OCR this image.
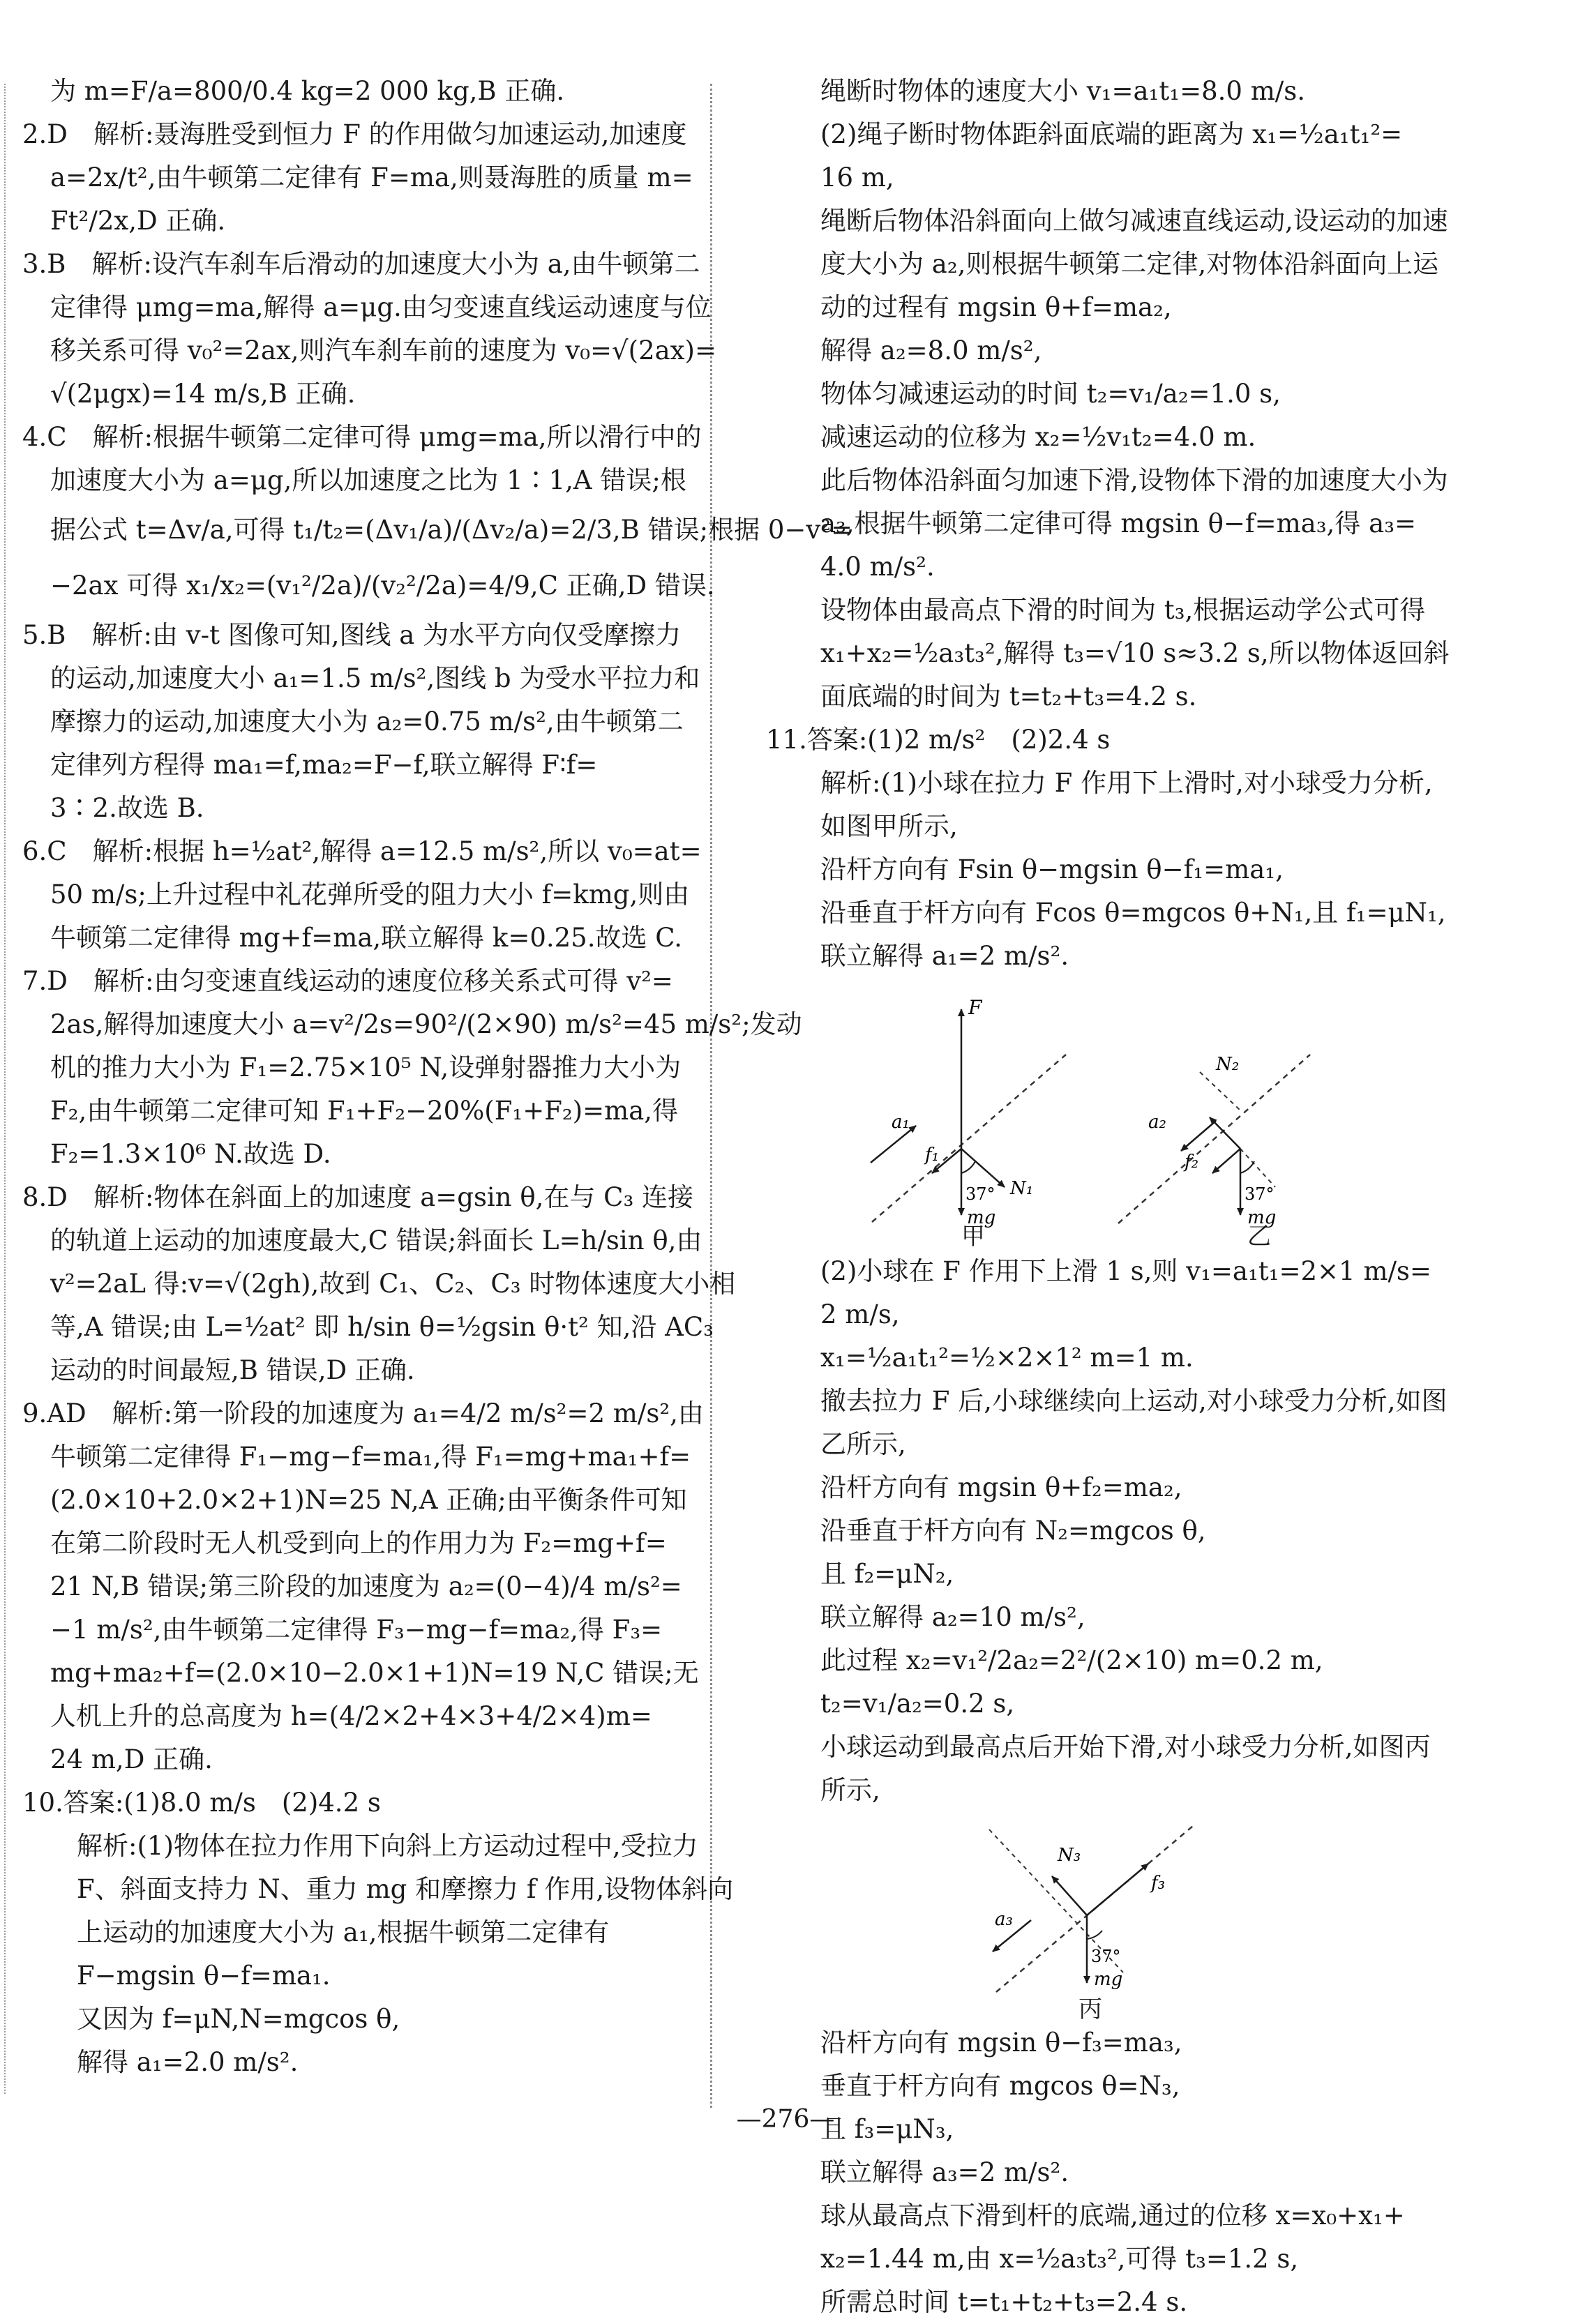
为 m=F/a=800/0.4 kg=2 000 kg,B 正确.
2.D　解析:聂海胜受到恒力 F 的作用做匀加速运动,加速度
a=2x/t²,由牛顿第二定律有 F=ma,则聂海胜的质量 m=
Ft²/2x,D 正确.
3.B　解析:设汽车刹车后滑动的加速度大小为 a,由牛顿第二
定律得 μmg=ma,解得 a=μg.由匀变速直线运动速度与位
移关系可得 v₀²=2ax,则汽车刹车前的速度为 v₀=√(2ax)=
√(2μgx)=14 m/s,B 正确.
4.C　解析:根据牛顿第二定律可得 μmg=ma,所以滑行中的
加速度大小为 a=μg,所以加速度之比为 1∶1,A 错误;根
据公式 t=Δv/a,可得 t₁/t₂=(Δv₁/a)/(Δv₂/a)=2/3,B 错误;根据 0−v²=
−2ax 可得 x₁/x₂=(v₁²/2a)/(v₂²/2a)=4/9,C 正确,D 错误.
5.B　解析:由 v-t 图像可知,图线 a 为水平方向仅受摩擦力
的运动,加速度大小 a₁=1.5 m/s²,图线 b 为受水平拉力和
摩擦力的运动,加速度大小为 a₂=0.75 m/s²,由牛顿第二
定律列方程得 ma₁=f,ma₂=F−f,联立解得 F∶f=
3∶2.故选 B.
6.C　解析:根据 h=½at²,解得 a=12.5 m/s²,所以 v₀=at=
50 m/s;上升过程中礼花弹所受的阻力大小 f=kmg,则由
牛顿第二定律得 mg+f=ma,联立解得 k=0.25.故选 C.
7.D　解析:由匀变速直线运动的速度位移关系式可得 v²=
2as,解得加速度大小 a=v²/2s=90²/(2×90) m/s²=45 m/s²;发动
机的推力大小为 F₁=2.75×10⁵ N,设弹射器推力大小为
F₂,由牛顿第二定律可知 F₁+F₂−20%(F₁+F₂)=ma,得
F₂=1.3×10⁶ N.故选 D.
8.D　解析:物体在斜面上的加速度 a=gsin θ,在与 C₃ 连接
的轨道上运动的加速度最大,C 错误;斜面长 L=h/sin θ,由
v²=2aL 得:v=√(2gh),故到 C₁、C₂、C₃ 时物体速度大小相
等,A 错误;由 L=½at² 即 h/sin θ=½gsin θ·t² 知,沿 AC₃
运动的时间最短,B 错误,D 正确.
9.AD　解析:第一阶段的加速度为 a₁=4/2 m/s²=2 m/s²,由
牛顿第二定律得 F₁−mg−f=ma₁,得 F₁=mg+ma₁+f=
(2.0×10+2.0×2+1)N=25 N,A 正确;由平衡条件可知
在第二阶段时无人机受到向上的作用力为 F₂=mg+f=
21 N,B 错误;第三阶段的加速度为 a₂=(0−4)/4 m/s²=
−1 m/s²,由牛顿第二定律得 F₃−mg−f=ma₂,得 F₃=
mg+ma₂+f=(2.0×10−2.0×1+1)N=19 N,C 错误;无
人机上升的总高度为 h=(4/2×2+4×3+4/2×4)m=
24 m,D 正确.
10.答案:(1)8.0 m/s　(2)4.2 s
解析:(1)物体在拉力作用下向斜上方运动过程中,受拉力
F、斜面支持力 N、重力 mg 和摩擦力 f 作用,设物体斜向
上运动的加速度大小为 a₁,根据牛顿第二定律有
F−mgsin θ−f=ma₁.
又因为 f=μN,N=mgcos θ,
解得 a₁=2.0 m/s².
绳断时物体的速度大小 v₁=a₁t₁=8.0 m/s.
(2)绳子断时物体距斜面底端的距离为 x₁=½a₁t₁²=
16 m,
绳断后物体沿斜面向上做匀减速直线运动,设运动的加速
度大小为 a₂,则根据牛顿第二定律,对物体沿斜面向上运
动的过程有 mgsin θ+f=ma₂,
解得 a₂=8.0 m/s²,
物体匀减速运动的时间 t₂=v₁/a₂=1.0 s,
减速运动的位移为 x₂=½v₁t₂=4.0 m.
此后物体沿斜面匀加速下滑,设物体下滑的加速度大小为
a₃,根据牛顿第二定律可得 mgsin θ−f=ma₃,得 a₃=
4.0 m/s².
设物体由最高点下滑的时间为 t₃,根据运动学公式可得
x₁+x₂=½a₃t₃²,解得 t₃=√10 s≈3.2 s,所以物体返回斜
面底端的时间为 t=t₂+t₃=4.2 s.
11.答案:(1)2 m/s²　(2)2.4 s
解析:(1)小球在拉力 F 作用下上滑时,对小球受力分析,
如图甲所示,
沿杆方向有 Fsin θ−mgsin θ−f₁=ma₁,
沿垂直于杆方向有 Fcos θ=mgcos θ+N₁,且 f₁=μN₁,
联立解得 a₁=2 m/s².
F
a₁
f₁
N₁
37°
mg
N₂
a₂
f₂
37°
mg
甲	乙
(2)小球在 F 作用下上滑 1 s,则 v₁=a₁t₁=2×1 m/s=
2 m/s,
x₁=½a₁t₁²=½×2×1² m=1 m.
撤去拉力 F 后,小球继续向上运动,对小球受力分析,如图
乙所示,
沿杆方向有 mgsin θ+f₂=ma₂,
沿垂直于杆方向有 N₂=mgcos θ,
且 f₂=μN₂,
联立解得 a₂=10 m/s²,
此过程 x₂=v₁²/2a₂=2²/(2×10) m=0.2 m,
t₂=v₁/a₂=0.2 s,
小球运动到最高点后开始下滑,对小球受力分析,如图丙
所示,
N₃
f₃
a₃
37°
mg
丙
沿杆方向有 mgsin θ−f₃=ma₃,
垂直于杆方向有 mgcos θ=N₃,
且 f₃=μN₃,
联立解得 a₃=2 m/s².
球从最高点下滑到杆的底端,通过的位移 x=x₀+x₁+
x₂=1.44 m,由 x=½a₃t₃²,可得 t₃=1.2 s,
所需总时间 t=t₁+t₂+t₃=2.4 s.
—276—
